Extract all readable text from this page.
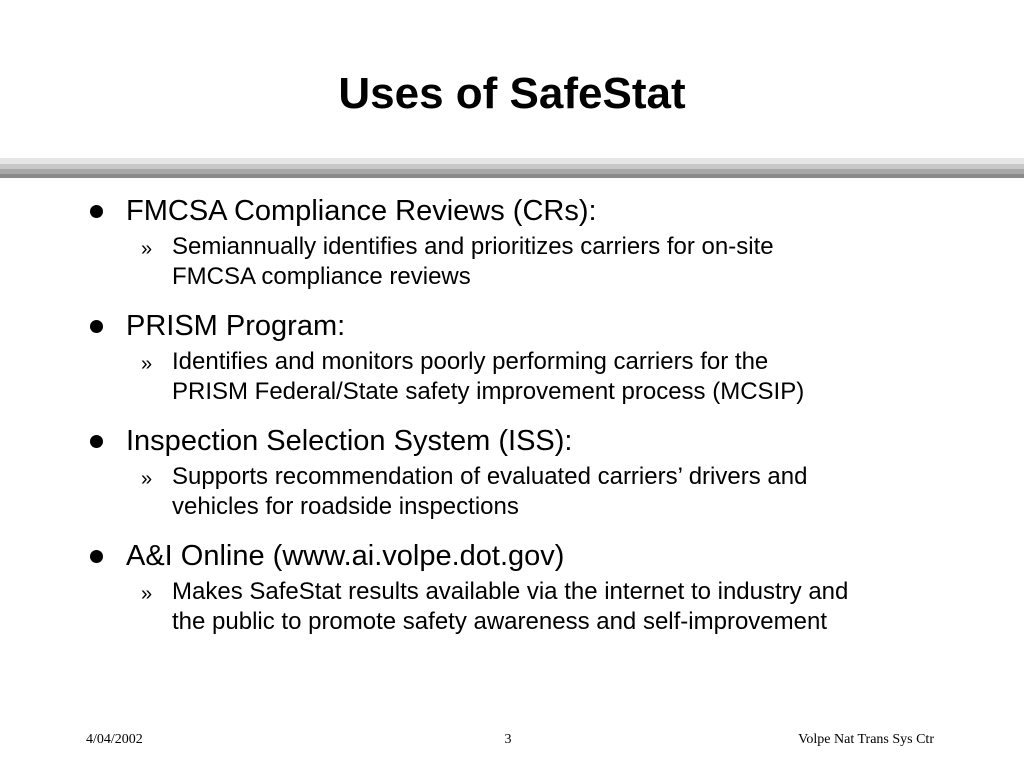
Uses of SafeStat
FMCSA Compliance Reviews (CRs):
» Semiannually identifies and prioritizes carriers for on-site
FMCSA compliance reviews
PRISM Program:
» Identifies and monitors poorly performing carriers for the
PRISM Federal/State safety improvement process (MCSIP)
Inspection Selection System (ISS):
» Supports recommendation of evaluated carriers’ drivers and
vehicles for roadside inspections
A&I Online (www.ai.volpe.dot.gov)
» Makes SafeStat results available via the internet to industry and
the public to promote safety awareness and self-improvement
4/04/2002	3	Volpe Nat Trans Sys Ctr
